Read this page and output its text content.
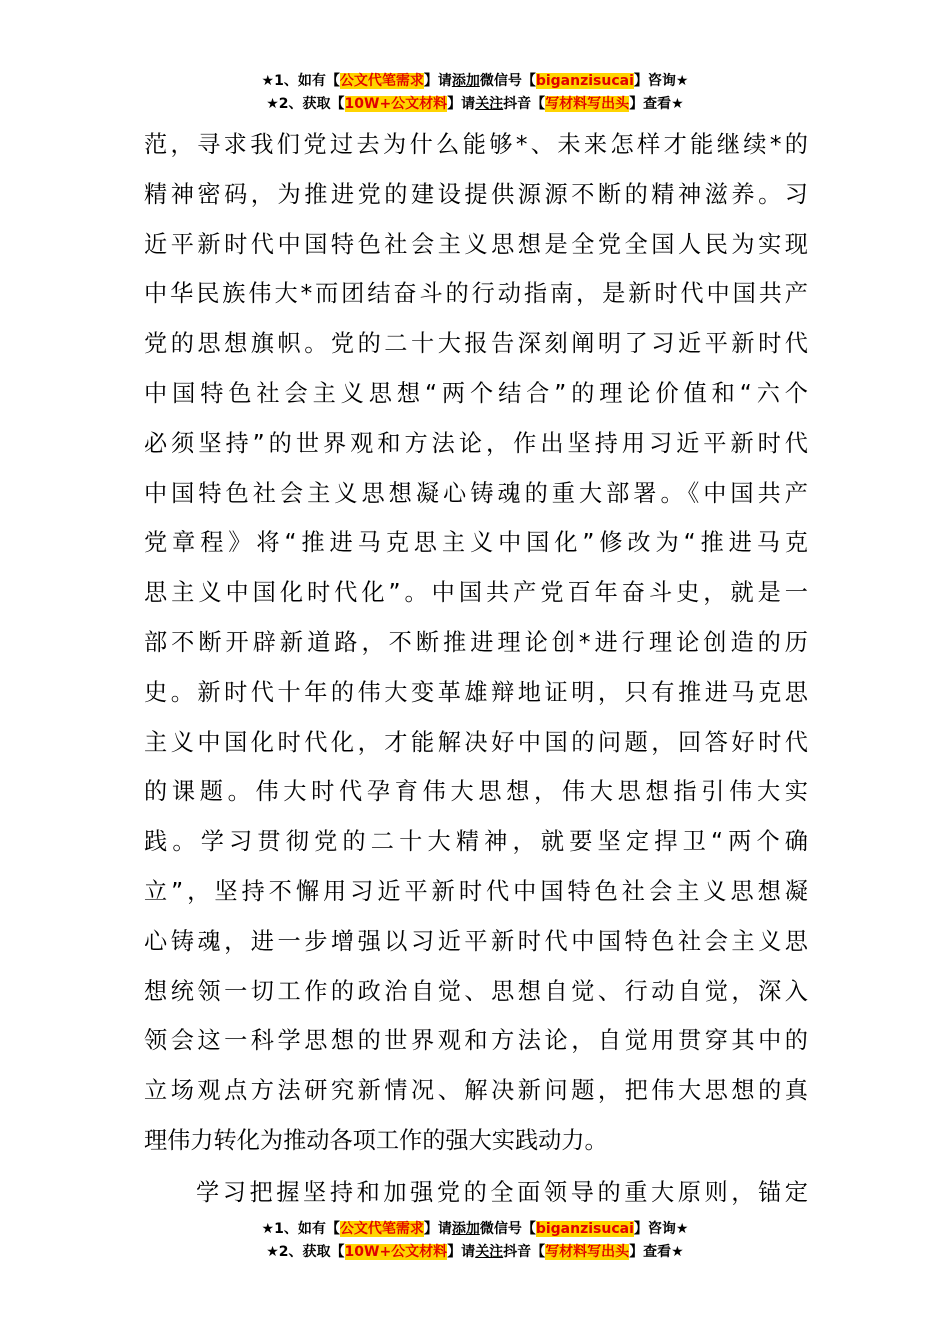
★1、如有【公文代笔需求】请添加微信号【biganzisucai】咨询★
★2、获取【10W+公文材料】请关注抖音【写材料写出头】查看★
范，寻求我们党过去为什么能够*、未来怎样才能继续*的
精神密码，为推进党的建设提供源源不断的精神滋养。习
近平新时代中国特色社会主义思想是全党全国人民为实现
中华民族伟大*而团结奋斗的行动指南，是新时代中国共产
党的思想旗帜。党的二十大报告深刻阐明了习近平新时代
中国特色社会主义思想“两个结合”的理论价值和“六个
必须坚持”的世界观和方法论，作出坚持用习近平新时代
中国特色社会主义思想凝心铸魂的重大部署。《中国共产
党章程》将“推进马克思主义中国化”修改为“推进马克
思主义中国化时代化”。中国共产党百年奋斗史，就是一
部不断开辟新道路，不断推进理论创*进行理论创造的历
史。新时代十年的伟大变革雄辩地证明，只有推进马克思
主义中国化时代化，才能解决好中国的问题，回答好时代
的课题。伟大时代孕育伟大思想，伟大思想指引伟大实
践。学习贯彻党的二十大精神，就要坚定捍卫“两个确
立”，坚持不懈用习近平新时代中国特色社会主义思想凝
心铸魂，进一步增强以习近平新时代中国特色社会主义思
想统领一切工作的政治自觉、思想自觉、行动自觉，深入
领会这一科学思想的世界观和方法论，自觉用贯穿其中的
立场观点方法研究新情况、解决新问题，把伟大思想的真
理伟力转化为推动各项工作的强大实践动力。
学习把握坚持和加强党的全面领导的重大原则，锚定
★1、如有【公文代笔需求】请添加微信号【biganzisucai】咨询★
★2、获取【10W+公文材料】请关注抖音【写材料写出头】查看★
